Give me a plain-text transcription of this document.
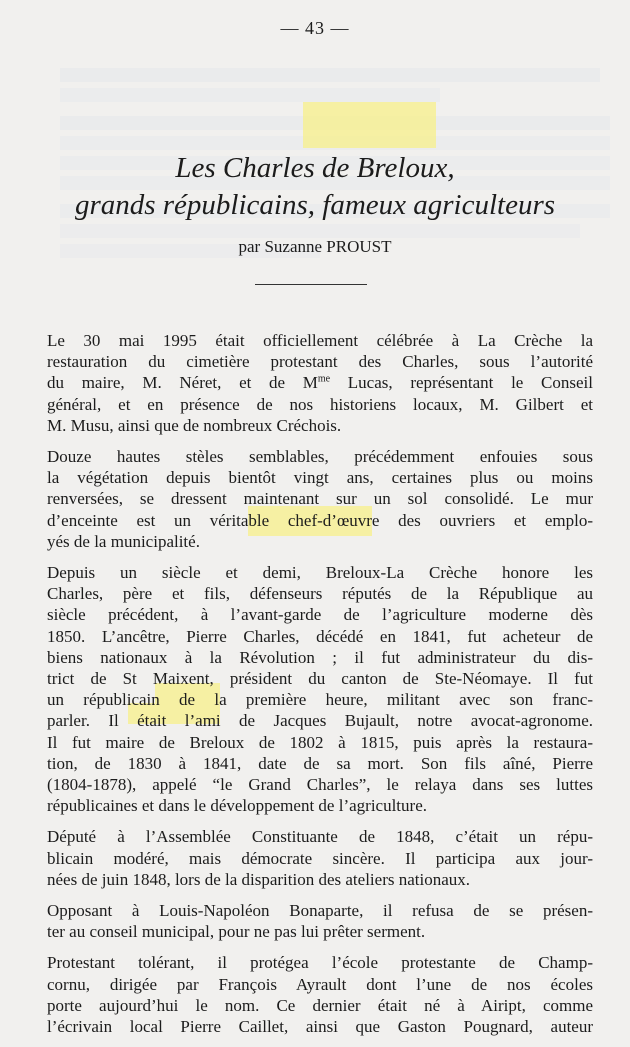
— 43 —
Les Charles de Breloux,
grands républicains, fameux agriculteurs
par Suzanne PROUST
Le 30 mai 1995 était officiellement célébrée à La Crèche la
restauration du cimetière protestant des Charles, sous l’autorité
du maire, M. Néret, et de $M^{me}$ Lucas, représentant le Conseil
général, et en présence de nos historiens locaux, M. Gilbert et
M. Musu, ainsi que de nombreux Créchois.
Douze hautes stèles semblables, précédemment enfouies sous
la végétation depuis bientôt vingt ans, certaines plus ou moins
renversées, se dressent maintenant sur un sol consolidé. Le mur
d’enceinte est un véritable chef-d’œuvre des ouvriers et emplo-
yés de la municipalité.
Depuis un siècle et demi, Breloux-La Crèche honore les
Charles, père et fils, défenseurs réputés de la République au
siècle précédent, à l’avant-garde de l’agriculture moderne dès
1850. L’ancêtre, Pierre Charles, décédé en 1841, fut acheteur de
biens nationaux à la Révolution ; il fut administrateur du dis-
trict de St Maixent, président du canton de Ste-Néomaye. Il fut
un républicain de la première heure, militant avec son franc-
parler. Il était l’ami de Jacques Bujault, notre avocat-agronome.
Il fut maire de Breloux de 1802 à 1815, puis après la restaura-
tion, de 1830 à 1841, date de sa mort. Son fils aîné, Pierre
(1804-1878), appelé “le Grand Charles”, le relaya dans ses luttes
républicaines et dans le développement de l’agriculture.
Député à l’Assemblée Constituante de 1848, c’était un répu-
blicain modéré, mais démocrate sincère. Il participa aux jour-
nées de juin 1848, lors de la disparition des ateliers nationaux.
Opposant à Louis-Napoléon Bonaparte, il refusa de se présen-
ter au conseil municipal, pour ne pas lui prêter serment.
Protestant tolérant, il protégea l’école protestante de Champ-
cornu, dirigée par François Ayrault dont l’une de nos écoles
porte aujourd’hui le nom. Ce dernier était né à Aiript, comme
l’écrivain local Pierre Caillet, ainsi que Gaston Pougnard, auteur
